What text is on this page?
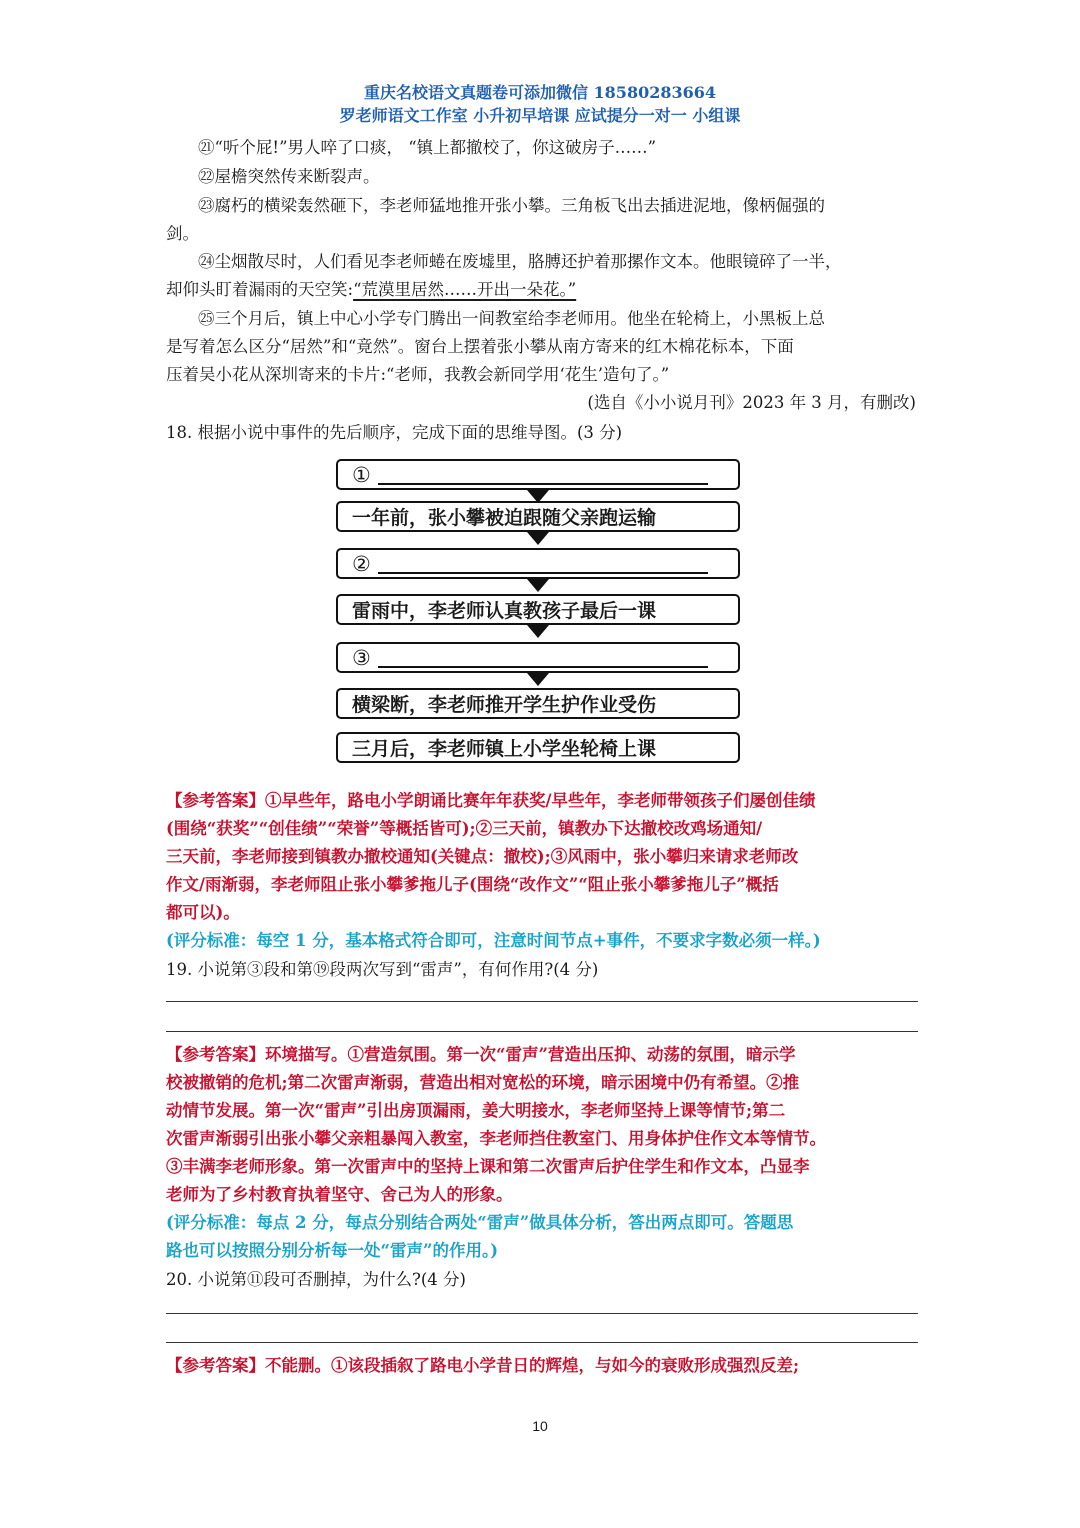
重庆名校语文真题卷可添加微信 18580283664
罗老师语文工作室 小升初早培课 应试提分一对一 小组课
㉑“听个屁!”男人啐了口痰， “镇上都撤校了，你这破房子……”
㉒屋檐突然传来断裂声。
㉓腐朽的横梁轰然砸下，李老师猛地推开张小攀。三角板飞出去插进泥地，像柄倔强的
剑。
㉔尘烟散尽时，人们看见李老师蜷在废墟里，胳膊还护着那摞作文本。他眼镜碎了一半，
却仰头盯着漏雨的天空笑:“荒漠里居然……开出一朵花。”
㉕三个月后，镇上中心小学专门腾出一间教室给李老师用。他坐在轮椅上，小黑板上总
是写着怎么区分“居然”和“竟然”。窗台上摆着张小攀从南方寄来的红木棉花标本，下面
压着吴小花从深圳寄来的卡片:“老师，我教会新同学用‘花生’造句了。”
(选自《小小说月刊》2023 年 3 月，有删改)
18. 根据小说中事件的先后顺序，完成下面的思维导图。(3 分)
①
一年前，张小攀被迫跟随父亲跑运输
②
雷雨中，李老师认真教孩子最后一课
③
横梁断，李老师推开学生护作业受伤
三月后，李老师镇上小学坐轮椅上课
【参考答案】①早些年，路电小学朗诵比赛年年获奖/早些年，李老师带领孩子们屡创佳绩
(围绕“获奖”“创佳绩”“荣誉”等概括皆可);②三天前，镇教办下达撤校改鸡场通知/
三天前，李老师接到镇教办撤校通知(关键点：撤校);③风雨中，张小攀归来请求老师改
作文/雨渐弱，李老师阻止张小攀爹拖儿子(围绕“改作文”“阻止张小攀爹拖儿子”概括
都可以)。
(评分标准：每空 1 分，基本格式符合即可，注意时间节点+事件，不要求字数必须一样。)
19. 小说第③段和第⑲段两次写到“雷声”，有何作用?(4 分)
【参考答案】环境描写。①营造氛围。第一次“雷声”营造出压抑、动荡的氛围，暗示学
校被撤销的危机;第二次雷声渐弱，营造出相对宽松的环境，暗示困境中仍有希望。②推
动情节发展。第一次“雷声”引出房顶漏雨，姜大明接水，李老师坚持上课等情节;第二
次雷声渐弱引出张小攀父亲粗暴闯入教室，李老师挡住教室门、用身体护住作文本等情节。
③丰满李老师形象。第一次雷声中的坚持上课和第二次雷声后护住学生和作文本，凸显李
老师为了乡村教育执着坚守、舍己为人的形象。
(评分标准：每点 2 分，每点分别结合两处“雷声”做具体分析，答出两点即可。答题思
路也可以按照分别分析每一处“雷声”的作用。)
20. 小说第⑪段可否删掉，为什么?(4 分)
【参考答案】不能删。①该段插叙了路电小学昔日的辉煌，与如今的衰败形成强烈反差;
10
